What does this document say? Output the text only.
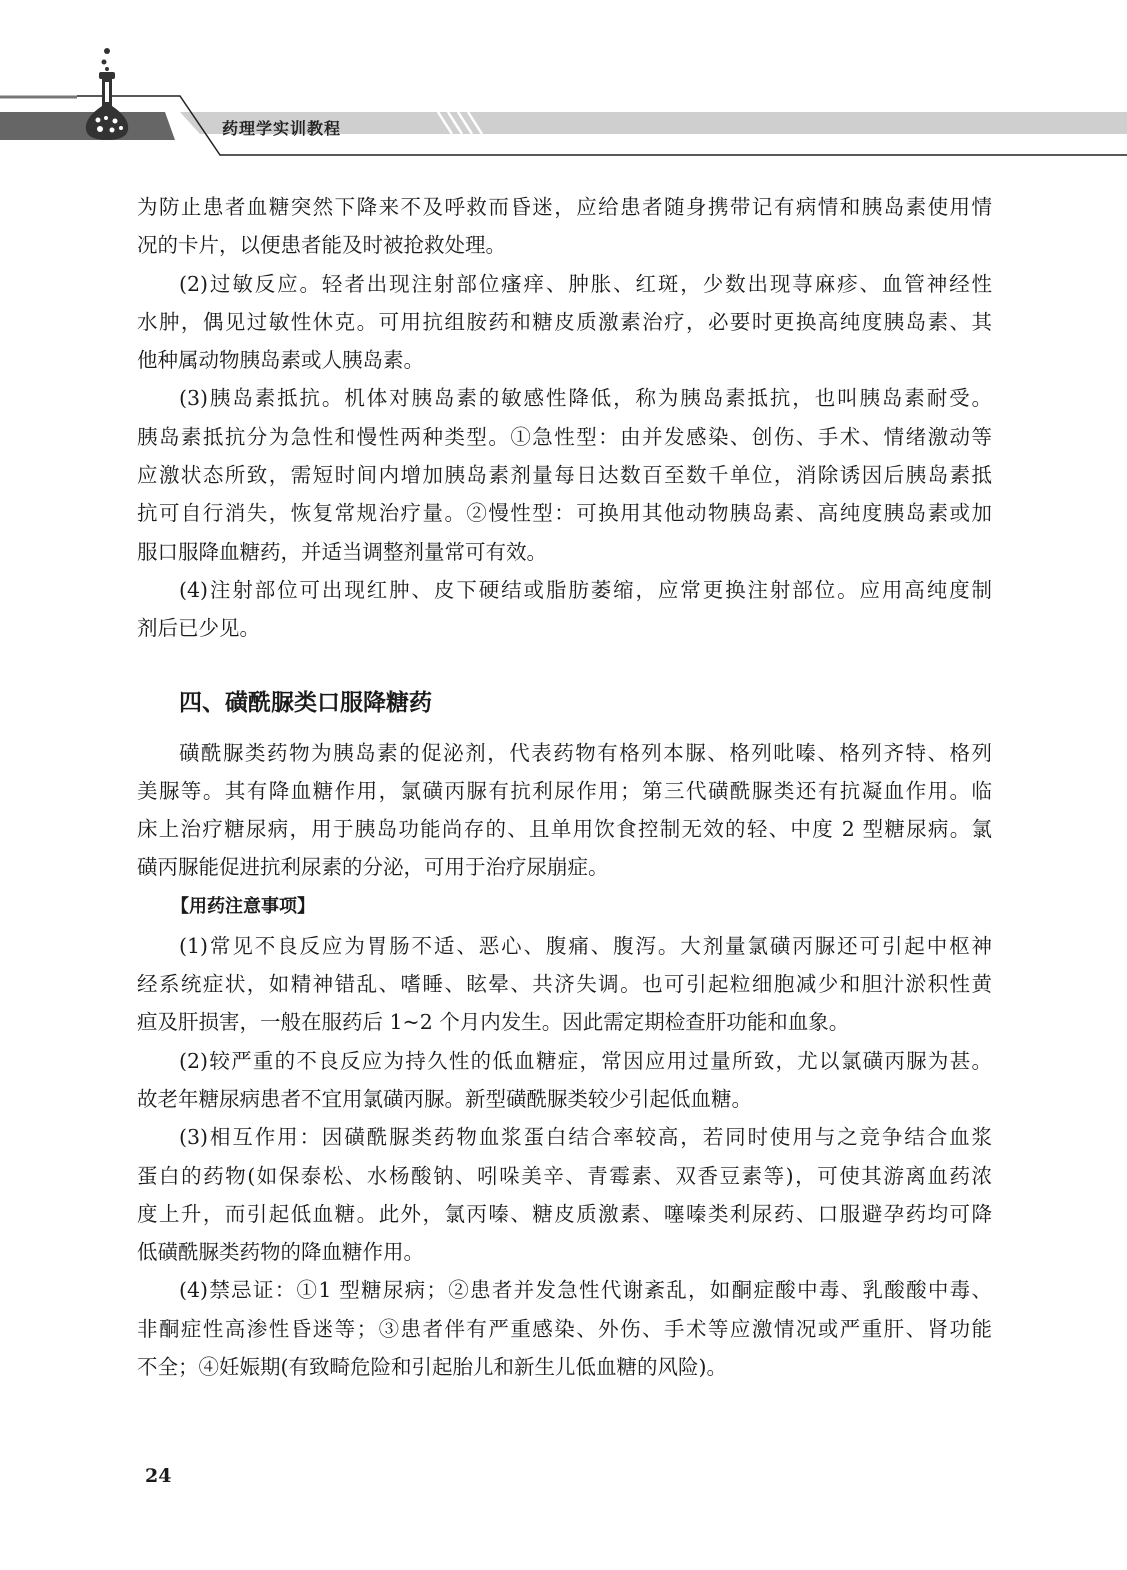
药理学实训教程
为防止患者血糖突然下降来不及呼救而昏迷，应给患者随身携带记有病情和胰岛素使用情
况的卡片，以便患者能及时被抢救处理。
(2)过敏反应。轻者出现注射部位瘙痒、肿胀、红斑，少数出现荨麻疹、血管神经性
水肿，偶见过敏性休克。可用抗组胺药和糖皮质激素治疗，必要时更换高纯度胰岛素、其
他种属动物胰岛素或人胰岛素。
(3)胰岛素抵抗。机体对胰岛素的敏感性降低，称为胰岛素抵抗，也叫胰岛素耐受。
胰岛素抵抗分为急性和慢性两种类型。①急性型：由并发感染、创伤、手术、情绪激动等
应激状态所致，需短时间内增加胰岛素剂量每日达数百至数千单位，消除诱因后胰岛素抵
抗可自行消失，恢复常规治疗量。②慢性型：可换用其他动物胰岛素、高纯度胰岛素或加
服口服降血糖药，并适当调整剂量常可有效。
(4)注射部位可出现红肿、皮下硬结或脂肪萎缩，应常更换注射部位。应用高纯度制
剂后已少见。
四、磺酰脲类口服降糖药
磺酰脲类药物为胰岛素的促泌剂，代表药物有格列本脲、格列吡嗪、格列齐特、格列
美脲等。其有降血糖作用，氯磺丙脲有抗利尿作用；第三代磺酰脲类还有抗凝血作用。临
床上治疗糖尿病，用于胰岛功能尚存的、且单用饮食控制无效的轻、中度 2 型糖尿病。氯
磺丙脲能促进抗利尿素的分泌，可用于治疗尿崩症。
【用药注意事项】
(1)常见不良反应为胃肠不适、恶心、腹痛、腹泻。大剂量氯磺丙脲还可引起中枢神
经系统症状，如精神错乱、嗜睡、眩晕、共济失调。也可引起粒细胞减少和胆汁淤积性黄
疸及肝损害，一般在服药后 1~2 个月内发生。因此需定期检查肝功能和血象。
(2)较严重的不良反应为持久性的低血糖症，常因应用过量所致，尤以氯磺丙脲为甚。
故老年糖尿病患者不宜用氯磺丙脲。新型磺酰脲类较少引起低血糖。
(3)相互作用：因磺酰脲类药物血浆蛋白结合率较高，若同时使用与之竞争结合血浆
蛋白的药物(如保泰松、水杨酸钠、吲哚美辛、青霉素、双香豆素等)，可使其游离血药浓
度上升，而引起低血糖。此外，氯丙嗪、糖皮质激素、噻嗪类利尿药、口服避孕药均可降
低磺酰脲类药物的降血糖作用。
(4)禁忌证：①1 型糖尿病；②患者并发急性代谢紊乱，如酮症酸中毒、乳酸酸中毒、
非酮症性高渗性昏迷等；③患者伴有严重感染、外伤、手术等应激情况或严重肝、肾功能
不全；④妊娠期(有致畸危险和引起胎儿和新生儿低血糖的风险)。
24
